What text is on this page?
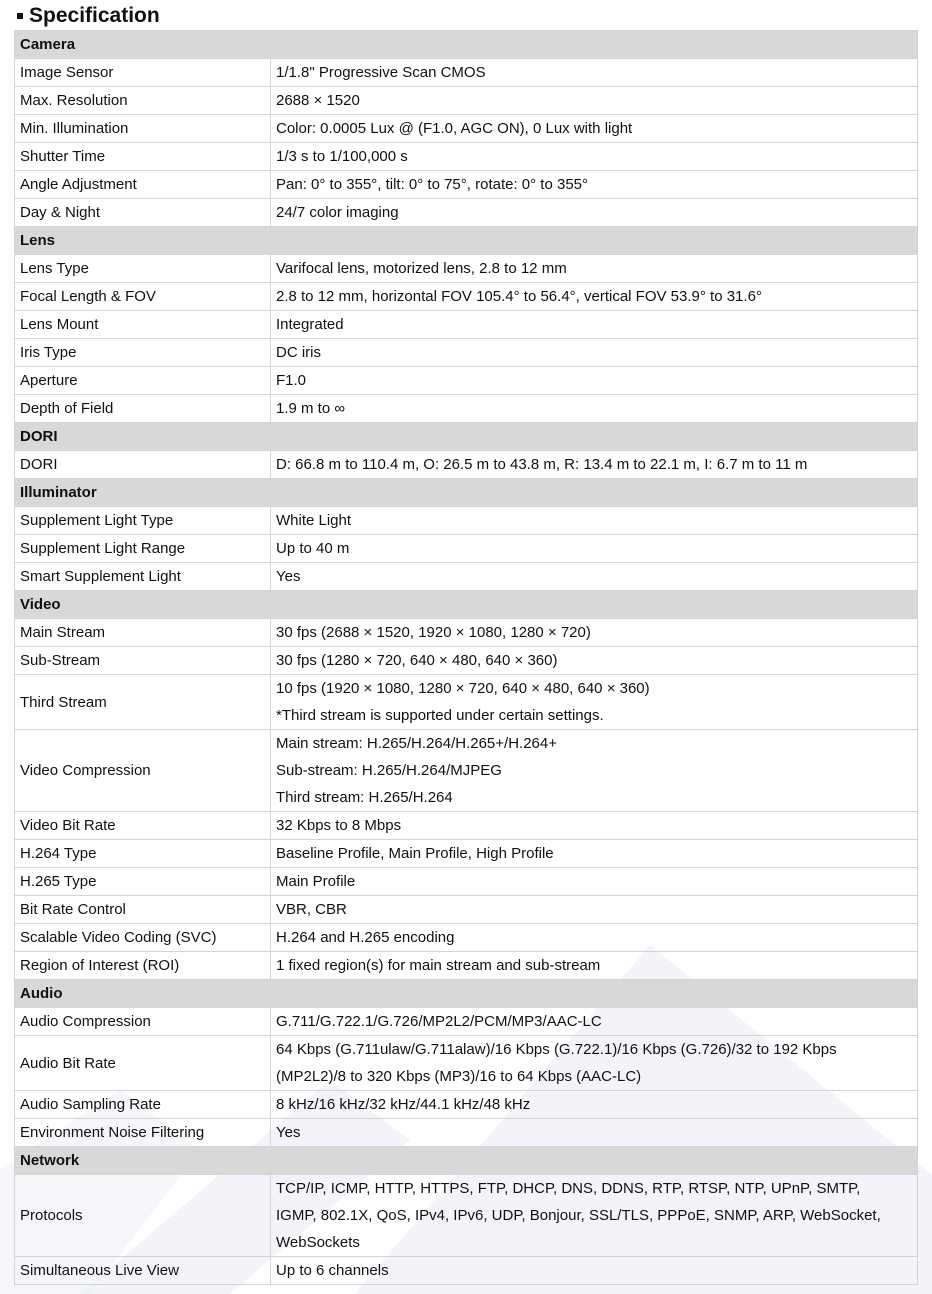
Specification
Camera	
Image Sensor	1/1.8" Progressive Scan CMOS

Max. Resolution	2688 × 1520

Min. Illumination	Color: 0.0005 Lux @ (F1.0, AGC ON), 0 Lux with light

Shutter Time	1/3 s to 1/100,000 s

Angle Adjustment	Pan: 0° to 355°, tilt: 0° to 75°, rotate: 0° to 355°

Day & Night	24/7 color imaging

Lens	
Lens Type	Varifocal lens, motorized lens, 2.8 to 12 mm

Focal Length & FOV	2.8 to 12 mm, horizontal FOV 105.4° to 56.4°, vertical FOV 53.9° to 31.6°

Lens Mount	Integrated

Iris Type	DC iris

Aperture	F1.0

Depth of Field	1.9 m to ∞

DORI	
DORI	D: 66.8 m to 110.4 m, O: 26.5 m to 43.8 m, R: 13.4 m to 22.1 m, I: 6.7 m to 11 m

Illuminator	
Supplement Light Type	White Light

Supplement Light Range	Up to 40 m

Smart Supplement Light	Yes

Video	
Main Stream	30 fps (2688 × 1520, 1920 × 1080, 1280 × 720)

Sub-Stream	30 fps (1280 × 720, 640 × 480, 640 × 360)

Third Stream	10 fps (1920 × 1080, 1280 × 720, 640 × 480, 640 × 360)
*Third stream is supported under certain settings.

Video Compression	Main stream: H.265/H.264/H.265+/H.264+
Sub-stream: H.265/H.264/MJPEG
Third stream: H.265/H.264

Video Bit Rate	32 Kbps to 8 Mbps

H.264 Type	Baseline Profile, Main Profile, High Profile

H.265 Type	Main Profile

Bit Rate Control	VBR, CBR

Scalable Video Coding (SVC)	H.264 and H.265 encoding

Region of Interest (ROI)	1 fixed region(s) for main stream and sub-stream

Audio	
Audio Compression	G.711/G.722.1/G.726/MP2L2/PCM/MP3/AAC-LC

Audio Bit Rate	64 Kbps (G.711ulaw/G.711alaw)/16 Kbps (G.722.1)/16 Kbps (G.726)/32 to 192 Kbps
(MP2L2)/8 to 320 Kbps (MP3)/16 to 64 Kbps (AAC-LC)

Audio Sampling Rate	8 kHz/16 kHz/32 kHz/44.1 kHz/48 kHz

Environment Noise Filtering	Yes

Network	
Protocols	TCP/IP, ICMP, HTTP, HTTPS, FTP, DHCP, DNS, DDNS, RTP, RTSP, NTP, UPnP, SMTP,
IGMP, 802.1X, QoS, IPv4, IPv6, UDP, Bonjour, SSL/TLS, PPPoE, SNMP, ARP, WebSocket,
WebSockets

Simultaneous Live View	Up to 6 channels
